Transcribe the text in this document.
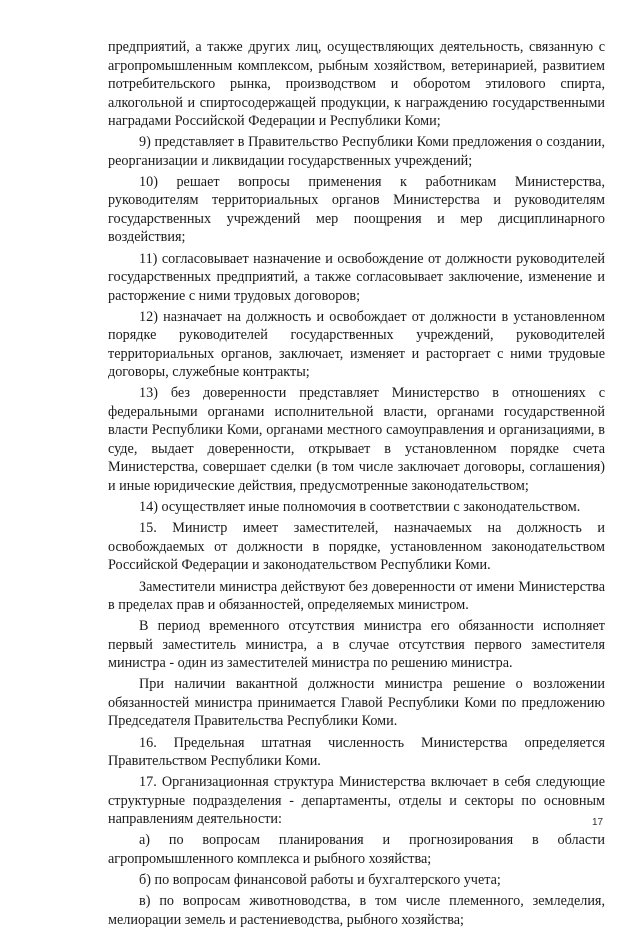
предприятий, а также других лиц, осуществляющих деятельность, связанную с агропромышленным комплексом, рыбным хозяйством, ветеринарией, развитием потребительского рынка, производством и оборотом этилового спирта, алкогольной и спиртосодержащей продукции, к награждению государственными наградами Российской Федерации и Республики Коми;

9) представляет в Правительство Республики Коми предложения о создании, реорганизации и ликвидации государственных учреждений;

10) решает вопросы применения к работникам Министерства, руководителям территориальных органов Министерства и руководителям государственных учреждений мер поощрения и мер дисциплинарного воздействия;

11) согласовывает назначение и освобождение от должности руководителей государственных предприятий, а также согласовывает заключение, изменение и расторжение с ними трудовых договоров;

12) назначает на должность и освобождает от должности в установленном порядке руководителей государственных учреждений, руководителей территориальных органов, заключает, изменяет и расторгает с ними трудовые договоры, служебные контракты;

13) без доверенности представляет Министерство в отношениях с федеральными органами исполнительной власти, органами государственной власти Республики Коми, органами местного самоуправления и организациями, в суде, выдает доверенности, открывает в установленном порядке счета Министерства, совершает сделки (в том числе заключает договоры, соглашения) и иные юридические действия, предусмотренные законодательством;

14) осуществляет иные полномочия в соответствии с законодательством.

15. Министр имеет заместителей, назначаемых на должность и освобождаемых от должности в порядке, установленном законодательством Российской Федерации и законодательством Республики Коми.

Заместители министра действуют без доверенности от имени Министерства в пределах прав и обязанностей, определяемых министром.

В период временного отсутствия министра его обязанности исполняет первый заместитель министра, а в случае отсутствия первого заместителя министра - один из заместителей министра по решению министра.

При наличии вакантной должности министра решение о возложении обязанностей министра принимается Главой Республики Коми по предложению Председателя Правительства Республики Коми.

16. Предельная штатная численность Министерства определяется Правительством Республики Коми.

17. Организационная структура Министерства включает в себя следующие структурные подразделения - департаменты, отделы и секторы по основным направлениям деятельности:

а) по вопросам планирования и прогнозирования в области агропромышленного комплекса и рыбного хозяйства;

б) по вопросам финансовой работы и бухгалтерского учета;

в) по вопросам животноводства, в том числе племенного, земледелия, мелиорации земель и растениеводства, рыбного хозяйства;

17
